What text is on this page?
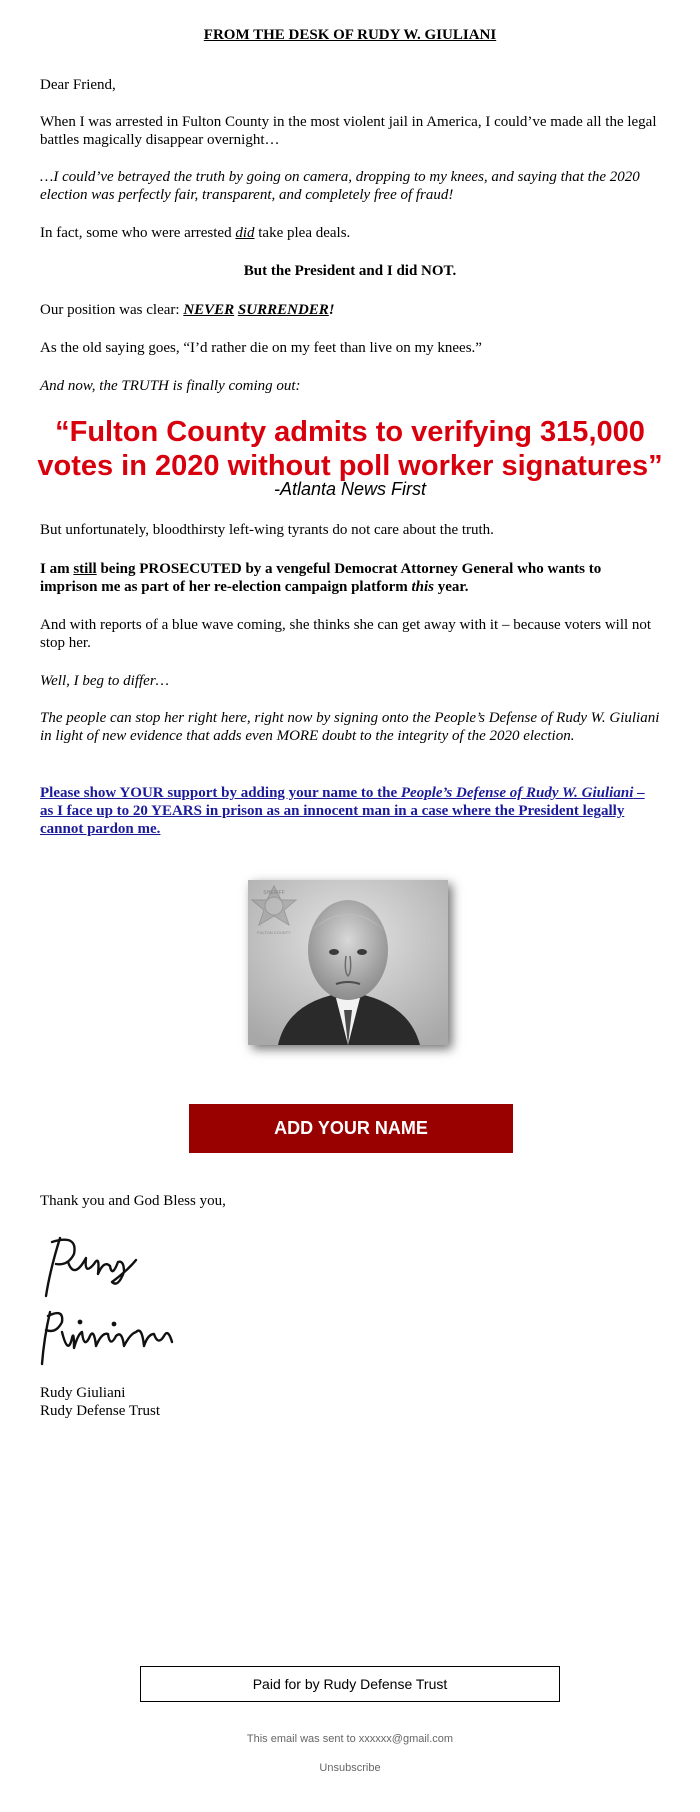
FROM THE DESK OF RUDY W. GIULIANI
Dear Friend,
When I was arrested in Fulton County in the most violent jail in America, I could’ve made all the legal battles magically disappear overnight…
…I could’ve betrayed the truth by going on camera, dropping to my knees, and saying that the 2020 election was perfectly fair, transparent, and completely free of fraud!
In fact, some who were arrested did take plea deals.
But the President and I did NOT.
Our position was clear: NEVER SURRENDER!
As the old saying goes, “I’d rather die on my feet than live on my knees.”
And now, the TRUTH is finally coming out:
“Fulton County admits to verifying 315,000 votes in 2020 without poll worker signatures”
-Atlanta News First
But unfortunately, bloodthirsty left-wing tyrants do not care about the truth.
I am still being PROSECUTED by a vengeful Democrat Attorney General who wants to imprison me as part of her re-election campaign platform this year.
And with reports of a blue wave coming, she thinks she can get away with it – because voters will not stop her.
Well, I beg to differ…
The people can stop her right here, right now by signing onto the People’s Defense of Rudy W. Giuliani in light of new evidence that adds even MORE doubt to the integrity of the 2020 election.
Please show YOUR support by adding your name to the People’s Defense of Rudy W. Giuliani – as I face up to 20 YEARS in prison as an innocent man in a case where the President legally cannot pardon me.
SHERIFF
FULTON COUNTY
ADD YOUR NAME
Thank you and God Bless you,
Rudy Giuliani
Rudy Defense Trust
Paid for by Rudy Defense Trust
This email was sent to xxxxxx@gmail.com
Unsubscribe
